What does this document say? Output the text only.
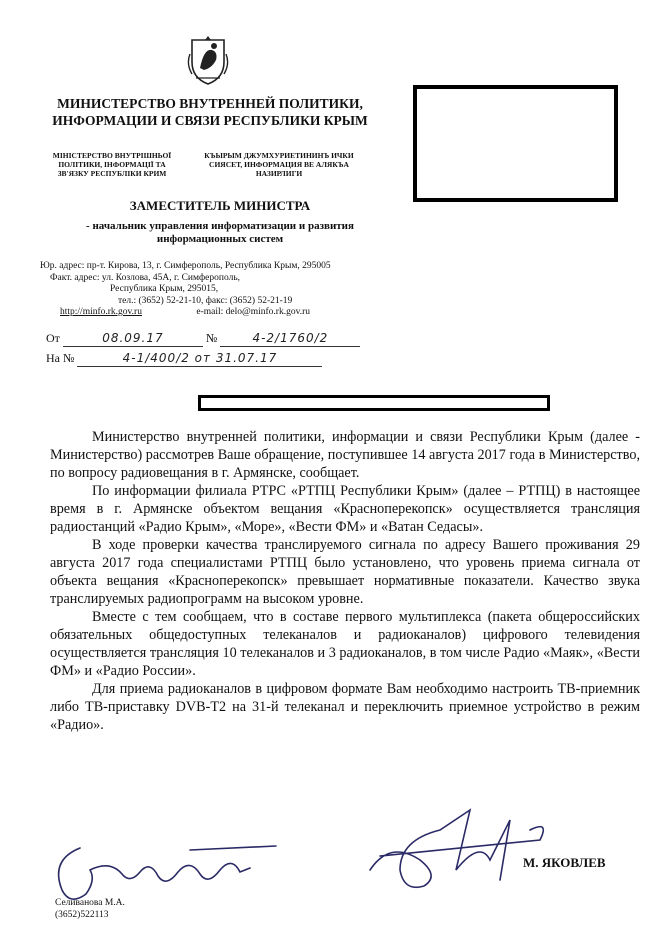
МИНИСТЕРСТВО ВНУТРЕННЕЙ ПОЛИТИКИ, ИНФОРМАЦИИ И СВЯЗИ РЕСПУБЛИКИ КРЫМ
МІНІСТЕРСТВО ВНУТРІШНЬОЇ ПОЛІТИКИ, ІНФОРМАЦІЇ ТА ЗВ'ЯЗКУ РЕСПУБЛІКИ КРИМ
КЪЫРЫМ ДЖУМХУРИЕТИНИНЪ ИЧКИ СИЯСЕТ, ИНФОРМАЦИЯ ВЕ АЛЯКЪА НАЗИРЛИГИ
ЗАМЕСТИТЕЛЬ МИНИСТРА
- начальник управления информатизации и развития информационных систем
Юр. адрес: пр-т. Кирова, 13, г. Симферополь, Республика Крым, 295005
Факт. адрес: ул. Козлова, 45А, г. Симферополь,
Республика Крым, 295015,
тел.: (3652) 52-21-10, факс: (3652) 52-21-19
http://minfo.rk.gov.ru	e-mail: delo@minfo.rk.gov.ru
От	08.09.17	№	4-2/1760/2
На №	4-1/400/2 от 31.07.17

Министерство внутренней политики, информации и связи Республики Крым (далее - Министерство) рассмотрев Ваше обращение, поступившее 14 августа 2017 года в Министерство, по вопросу радиовещания в г. Армянске, сообщает.

По информации филиала РТРС «РТПЦ Республики Крым» (далее – РТПЦ) в настоящее время в г. Армянске объектом вещания «Красноперекопск» осуществляется трансляция радиостанций «Радио Крым», «Море», «Вести ФМ» и «Ватан Седасы».

В ходе проверки качества транслируемого сигнала по адресу Вашего проживания 29 августа 2017 года специалистами РТПЦ было установлено, что уровень приема сигнала от объекта вещания «Красноперекопск» превышает нормативные показатели. Качество звука транслируемых радиопрограмм на высоком уровне.

Вместе с тем сообщаем, что в составе первого мультиплекса (пакета общероссийских обязательных общедоступных телеканалов и радиоканалов) цифрового телевидения осуществляется трансляция 10 телеканалов и 3 радиоканалов, в том числе Радио «Маяк», «Вести ФМ» и «Радио России».

Для приема радиоканалов в цифровом формате Вам необходимо настроить ТВ-приемник либо ТВ-приставку DVB-T2 на 31-й телеканал и переключить приемное устройство в режим «Радио».

М. ЯКОВЛЕВ
Селиванова М.А.
(3652)522113
